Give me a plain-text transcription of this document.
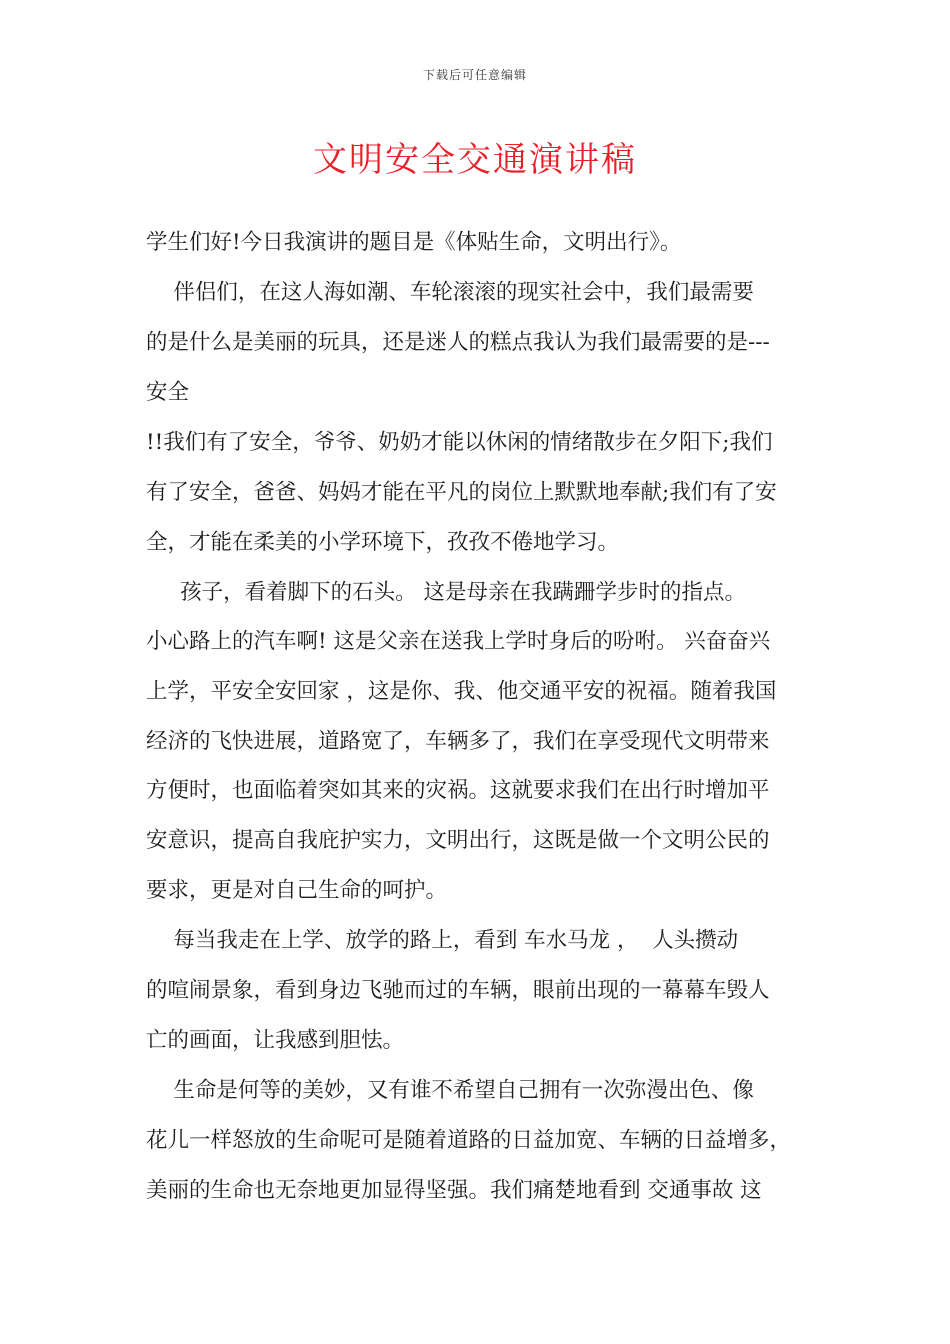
下载后可任意编辑
文明安全交通演讲稿
学生们好!今日我演讲的题目是《体贴生命，文明出行》。
伴侣们，在这人海如潮、车轮滚滚的现实社会中，我们最需要
的是什么是美丽的玩具，还是迷人的糕点我认为我们最需要的是---
安全
!!我们有了安全，爷爷、奶奶才能以休闲的情绪散步在夕阳下;我们
有了安全，爸爸、妈妈才能在平凡的岗位上默默地奉献;我们有了安
全，才能在柔美的小学环境下，孜孜不倦地学习。
孩子，看着脚下的石头。 这是母亲在我蹒跚学步时的指点。
小心路上的汽车啊! 这是父亲在送我上学时身后的吩咐。 兴奋奋兴
上学，平安全安回家 ，这是你、我、他交通平安的祝福。随着我国
经济的飞快进展，道路宽了，车辆多了，我们在享受现代文明带来
方便时，也面临着突如其来的灾祸。这就要求我们在出行时增加平
安意识，提高自我庇护实力，文明出行，这既是做一个文明公民的
要求，更是对自己生命的呵护。
每当我走在上学、放学的路上，看到 车水马龙 ，  人头攒动
的喧闹景象，看到身边飞驰而过的车辆，眼前出现的一幕幕车毁人
亡的画面，让我感到胆怯。
生命是何等的美妙，又有谁不希望自己拥有一次弥漫出色、像
花儿一样怒放的生命呢可是随着道路的日益加宽、车辆的日益增多，
美丽的生命也无奈地更加显得坚强。我们痛楚地看到 交通事故 这
